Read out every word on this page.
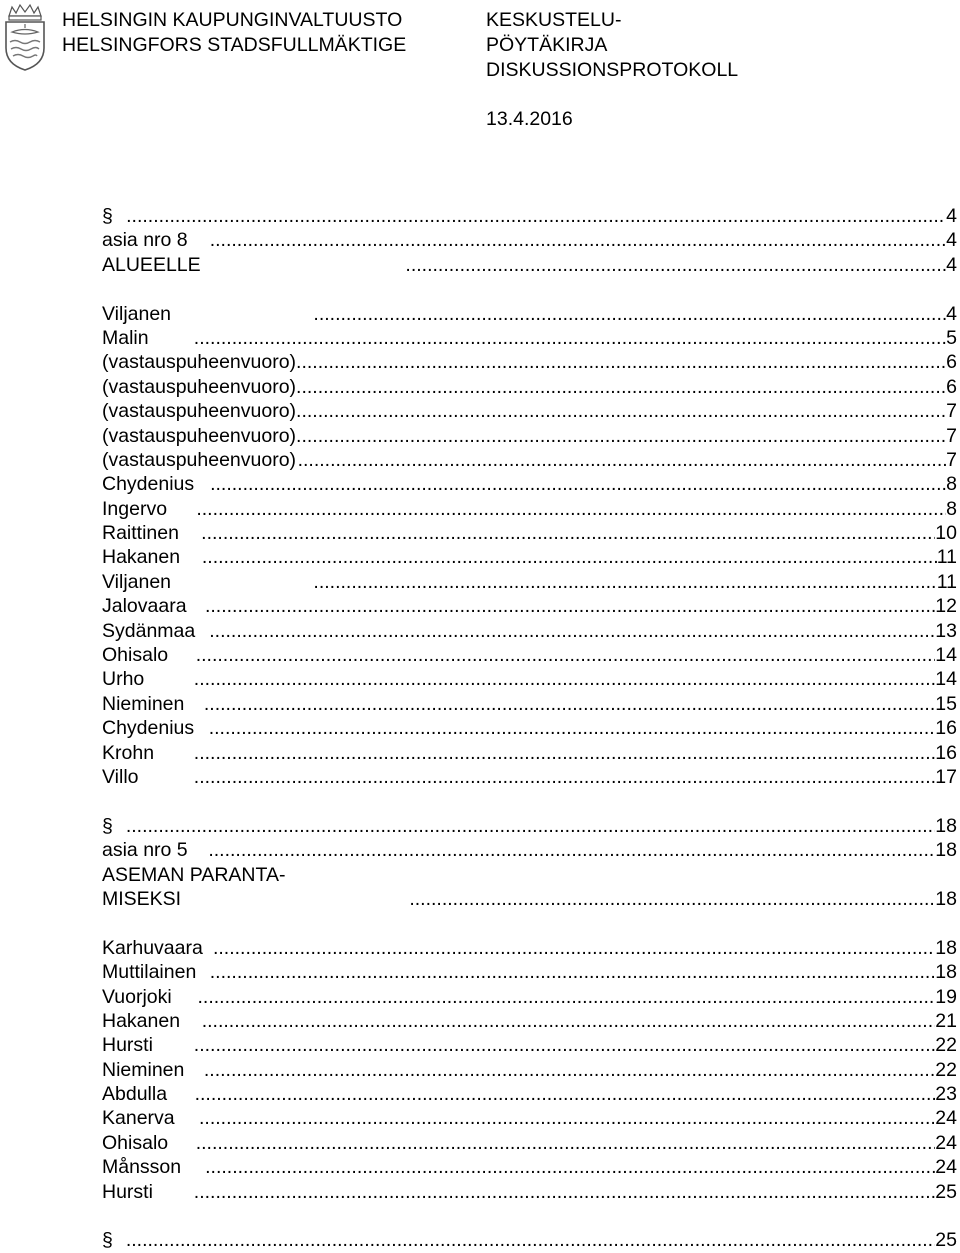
HELSINGIN KAUPUNGINVALTUUSTO
HELSINGFORS STADSFULLMÄKTIGE
KESKUSTELU-
PÖYTÄKIRJA
DISKUSSIONSPROTOKOLL
13.4.2016
§ .....	4
asia nro 8 .....	4
ALUEELLE .....	4
Viljanen .....	4
Malin .....	5
(vastauspuheenvuoro) .....	6
(vastauspuheenvuoro) .....	6
(vastauspuheenvuoro) .....	7
(vastauspuheenvuoro) .....	7
(vastauspuheenvuoro) .....	7
Chydenius .....	8
Ingervo .....	8
Raittinen .....	10
Hakanen .....	11
Viljanen .....	11
Jalovaara .....	12
Sydänmaa .....	13
Ohisalo .....	14
Urho .....	14
Nieminen .....	15
Chydenius .....	16
Krohn .....	16
Villo .....	17
§ .....	18
asia nro 5 .....	18
ASEMAN PARANTA-
MISEKSI .....	18
Karhuvaara .....	18
Muttilainen .....	18
Vuorjoki .....	19
Hakanen .....	21
Hursti .....	22
Nieminen .....	22
Abdulla .....	23
Kanerva .....	24
Ohisalo .....	24
Månsson .....	24
Hursti .....	25
§ .....	25
